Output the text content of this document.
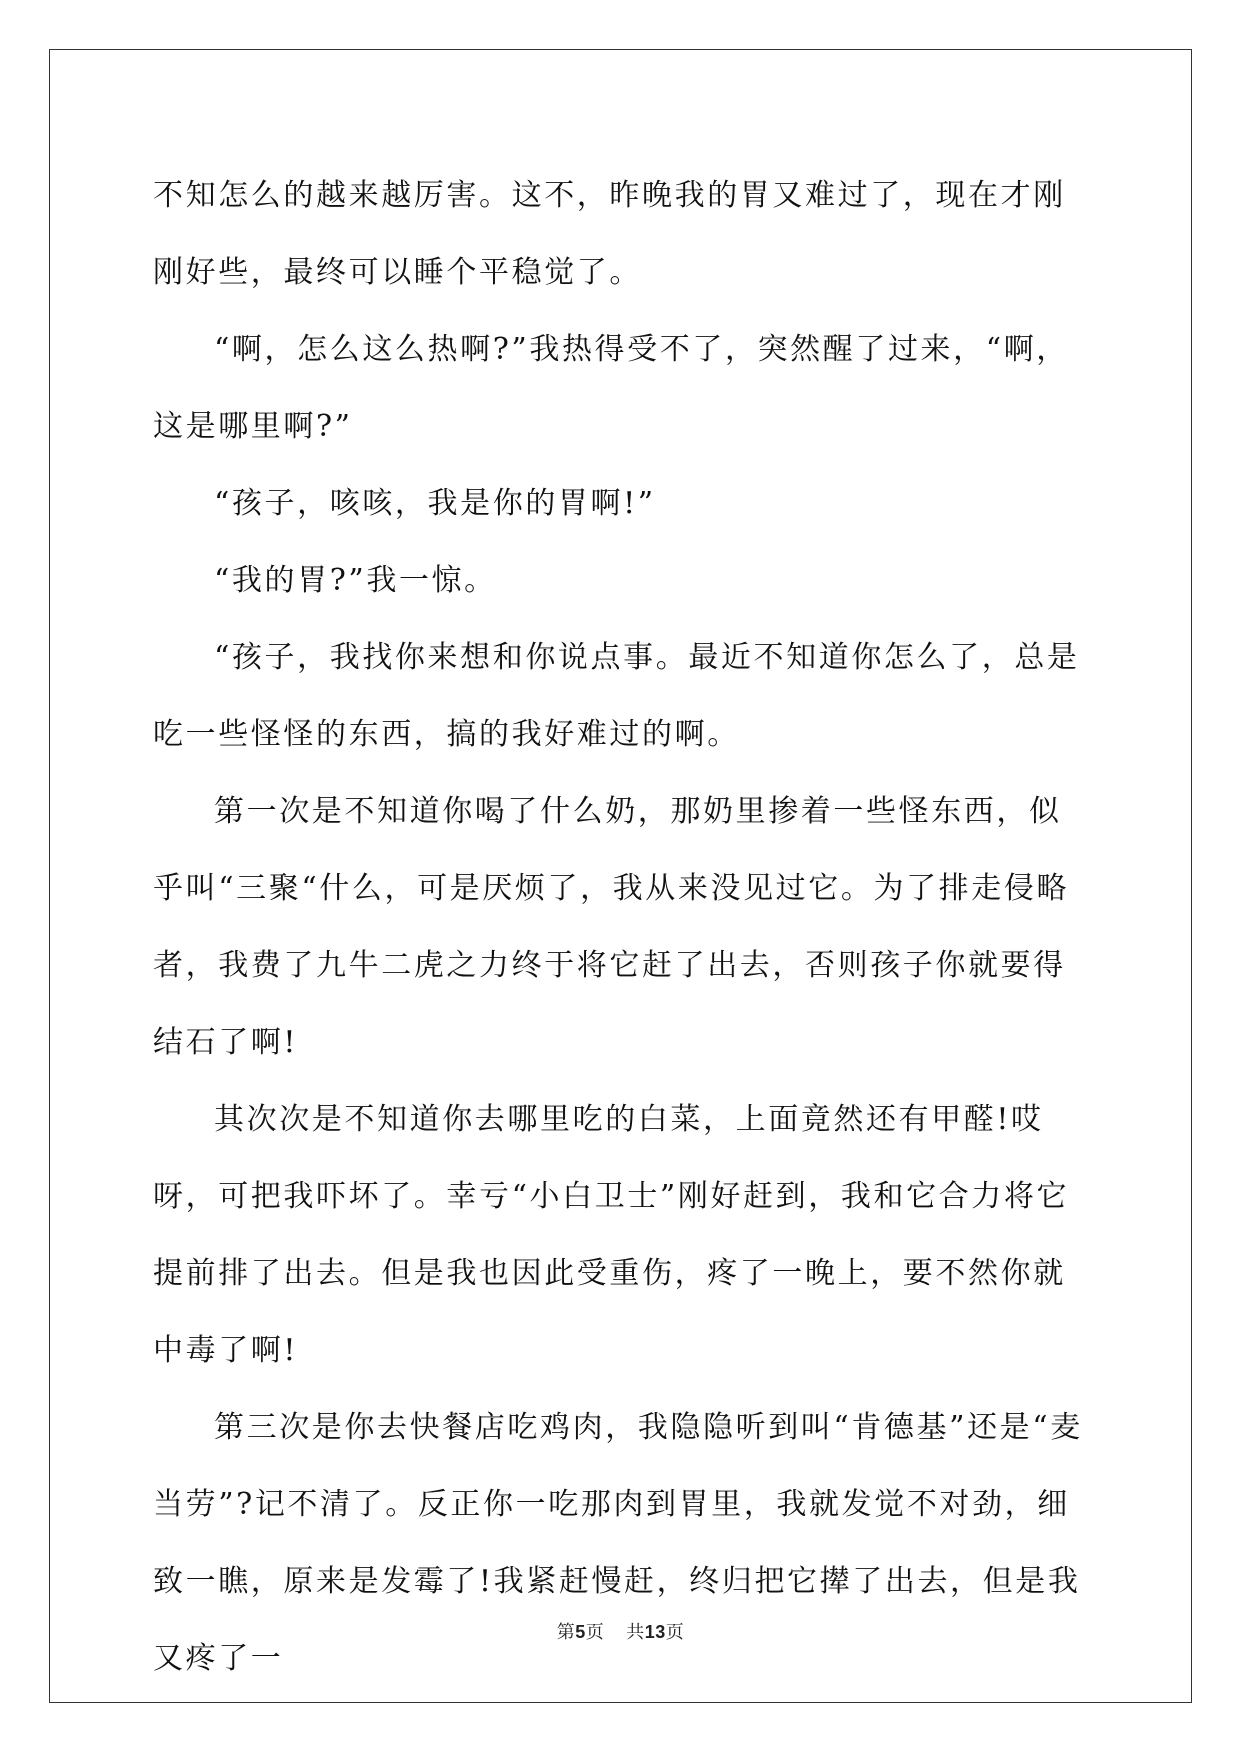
不知怎么的越来越厉害。这不，昨晚我的胃又难过了，现在才刚刚好些，最终可以睡个平稳觉了。

“啊，怎么这么热啊?”我热得受不了，突然醒了过来，“啊，这是哪里啊?”

“孩子，咳咳，我是你的胃啊!”

“我的胃?”我一惊。

“孩子，我找你来想和你说点事。最近不知道你怎么了，总是吃一些怪怪的东西，搞的我好难过的啊。

第一次是不知道你喝了什么奶，那奶里掺着一些怪东西，似乎叫“三聚“什么，可是厌烦了，我从来没见过它。为了排走侵略者，我费了九牛二虎之力终于将它赶了出去，否则孩子你就要得结石了啊!

其次次是不知道你去哪里吃的白菜，上面竟然还有甲醛!哎呀，可把我吓坏了。幸亏“小白卫士”刚好赶到，我和它合力将它提前排了出去。但是我也因此受重伤，疼了一晚上，要不然你就中毒了啊!

第三次是你去快餐店吃鸡肉，我隐隐听到叫“肯德基”还是“麦当劳”?记不清了。反正你一吃那肉到胃里，我就发觉不对劲，细致一瞧，原来是发霉了!我紧赶慢赶，终归把它撵了出去，但是我又疼了一

第5页 共13页
